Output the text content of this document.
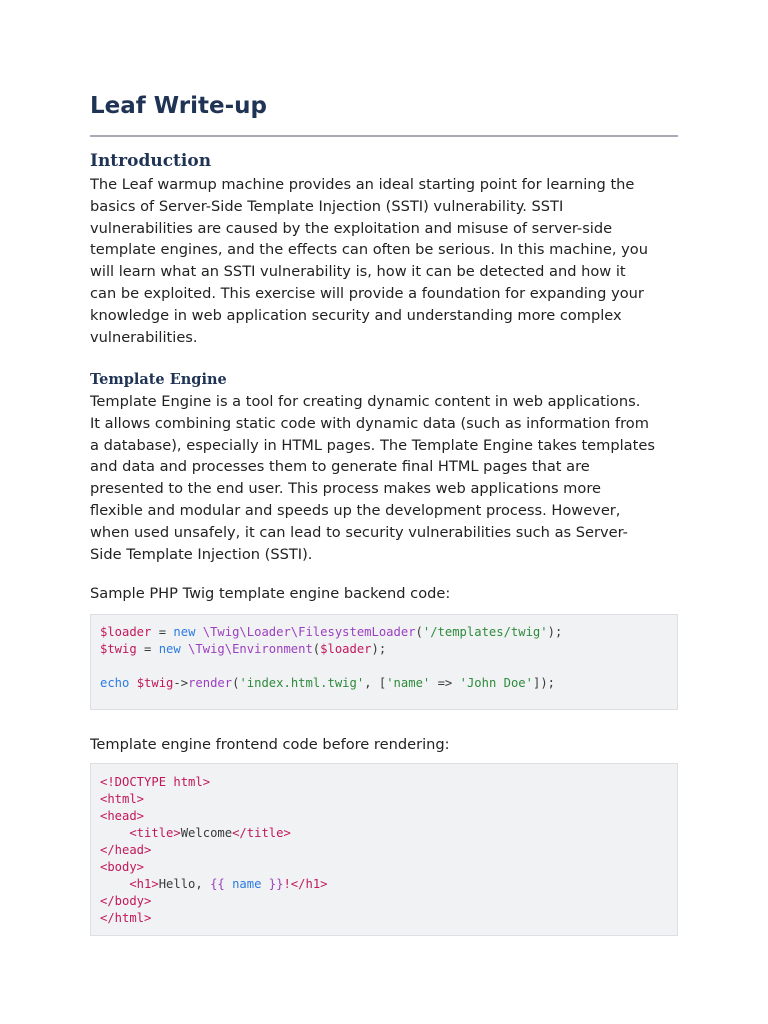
Leaf Write-up
Introduction

The Leaf warmup machine provides an ideal starting point for learning the
basics of Server-Side Template Injection (SSTI) vulnerability. SSTI
vulnerabilities are caused by the exploitation and misuse of server-side
template engines, and the effects can often be serious. In this machine, you
will learn what an SSTI vulnerability is, how it can be detected and how it
can be exploited. This exercise will provide a foundation for expanding your
knowledge in web application security and understanding more complex
vulnerabilities.

Template Engine

Template Engine is a tool for creating dynamic content in web applications.
It allows combining static code with dynamic data (such as information from
a database), especially in HTML pages. The Template Engine takes templates
and data and processes them to generate final HTML pages that are
presented to the end user. This process makes web applications more
flexible and modular and speeds up the development process. However,
when used unsafely, it can lead to security vulnerabilities such as Server-
Side Template Injection (SSTI).

Sample PHP Twig template engine backend code:

$loader = new \Twig\Loader\FilesystemLoader('/templates/twig');
$twig = new \Twig\Environment($loader);
echo $twig->render('index.html.twig', ['name' => 'John Doe']);

Template engine frontend code before rendering:

<!DOCTYPE html>
<html>
<head>
<title>Welcome</title>
</head>
<body>
<h1>Hello, {{ name }}!</h1>
</body>
</html>
